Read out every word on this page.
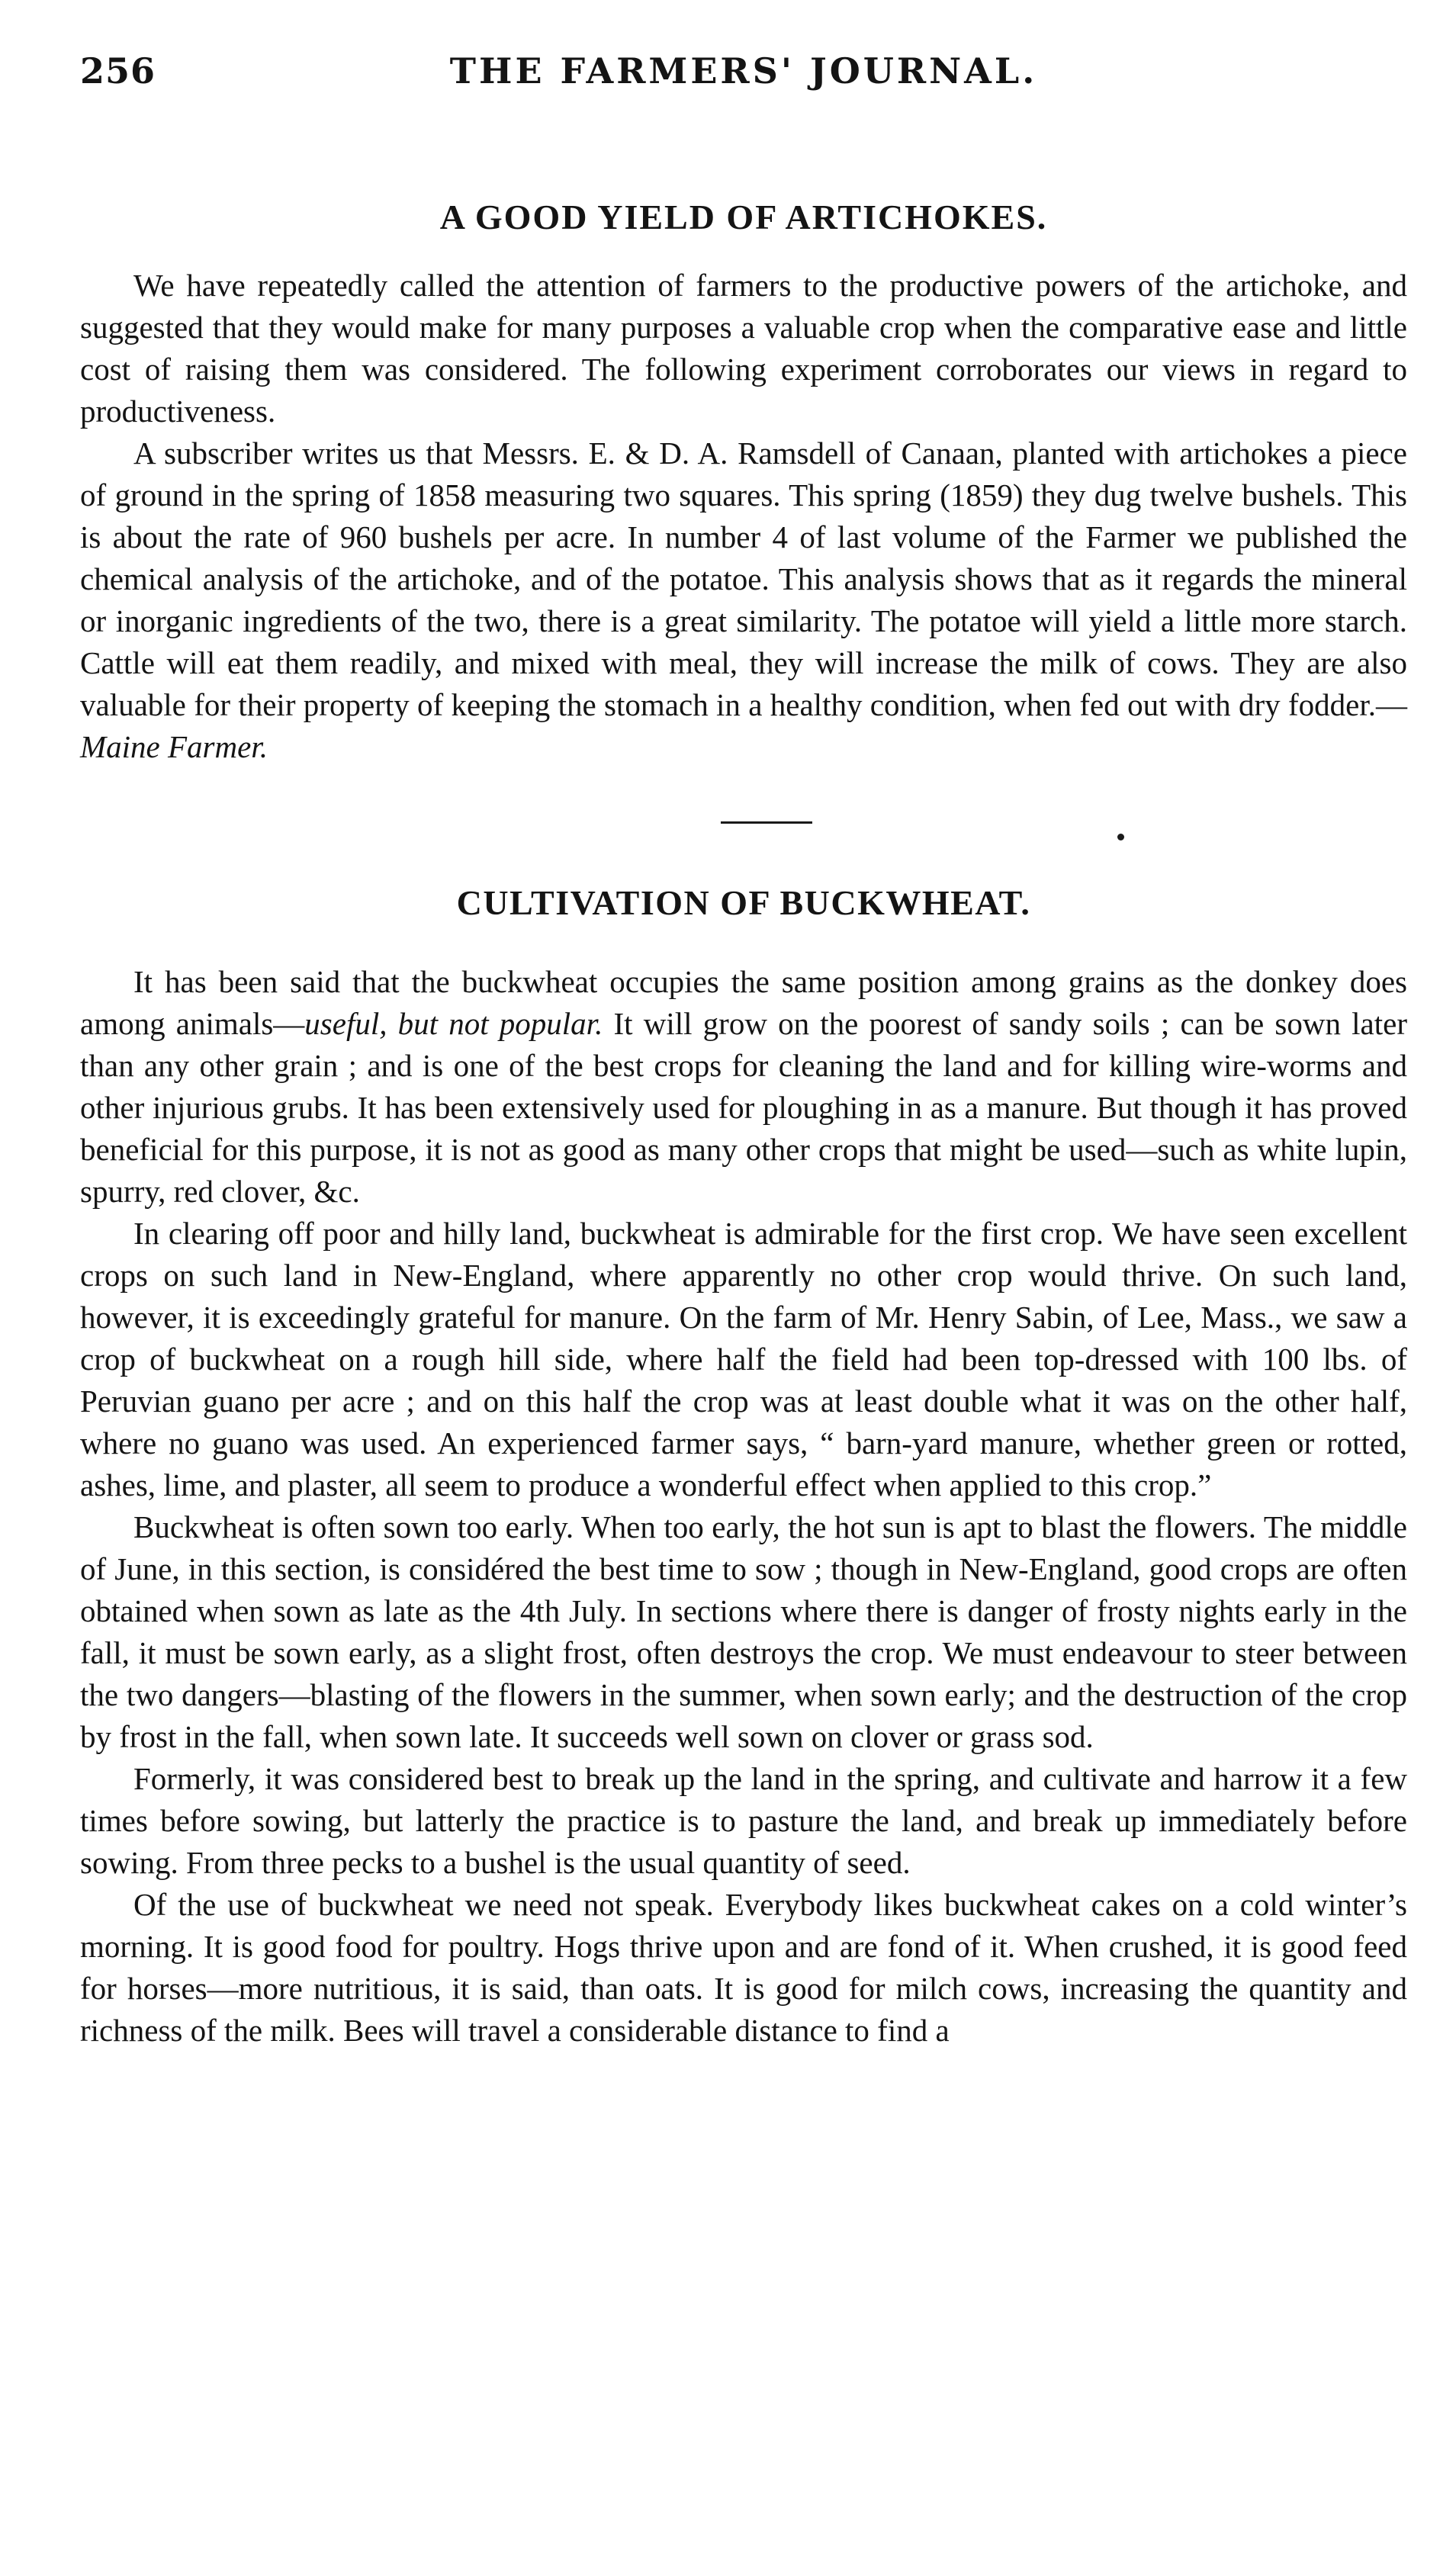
256	THE FARMERS' JOURNAL.
A GOOD YIELD OF ARTICHOKES.

We have repeatedly called the attention of farmers to the productive powers of the artichoke, and suggested that they would make for many purposes a valuable crop when the comparative ease and little cost of raising them was considered. The following experiment corroborates our views in regard to productiveness.

A subscriber writes us that Messrs. E. & D. A. Ramsdell of Canaan, planted with artichokes a piece of ground in the spring of 1858 measuring two squares. This spring (1859) they dug twelve bushels. This is about the rate of 960 bushels per acre. In number 4 of last volume of the Farmer we published the chemical analysis of the artichoke, and of the potatoe. This analysis shows that as it regards the mineral or inorganic ingredients of the two, there is a great similarity. The potatoe will yield a little more starch. Cattle will eat them readily, and mixed with meal, they will increase the milk of cows. They are also valuable for their property of keeping the stomach in a healthy condition, when fed out with dry fodder.—Maine Farmer.

CULTIVATION OF BUCKWHEAT.

It has been said that the buckwheat occupies the same position among grains as the donkey does among animals—useful, but not popular. It will grow on the poorest of sandy soils ; can be sown later than any other grain ; and is one of the best crops for cleaning the land and for killing wire-worms and other injurious grubs. It has been extensively used for ploughing in as a manure. But though it has proved beneficial for this purpose, it is not as good as many other crops that might be used—such as white lupin, spurry, red clover, &c.

In clearing off poor and hilly land, buckwheat is admirable for the first crop. We have seen excellent crops on such land in New-England, where apparently no other crop would thrive. On such land, however, it is exceedingly grateful for manure. On the farm of Mr. Henry Sabin, of Lee, Mass., we saw a crop of buckwheat on a rough hill side, where half the field had been top-dressed with 100 lbs. of Peruvian guano per acre ; and on this half the crop was at least double what it was on the other half, where no guano was used. An experienced farmer says, “ barn-yard manure, whether green or rotted, ashes, lime, and plaster, all seem to produce a wonderful effect when applied to this crop.”

Buckwheat is often sown too early. When too early, the hot sun is apt to blast the flowers. The middle of June, in this section, is considéred the best time to sow ; though in New-England, good crops are often obtained when sown as late as the 4th July. In sections where there is danger of frosty nights early in the fall, it must be sown early, as a slight frost, often destroys the crop. We must endeavour to steer between the two dangers—blasting of the flowers in the summer, when sown early; and the destruction of the crop by frost in the fall, when sown late. It succeeds well sown on clover or grass sod.

Formerly, it was considered best to break up the land in the spring, and cultivate and harrow it a few times before sowing, but latterly the practice is to pasture the land, and break up immediately before sowing. From three pecks to a bushel is the usual quantity of seed.

Of the use of buckwheat we need not speak. Everybody likes buckwheat cakes on a cold winter’s morning. It is good food for poultry. Hogs thrive upon and are fond of it. When crushed, it is good feed for horses—more nutritious, it is said, than oats. It is good for milch cows, increasing the quantity and richness of the milk. Bees will travel a considerable distance to find a
